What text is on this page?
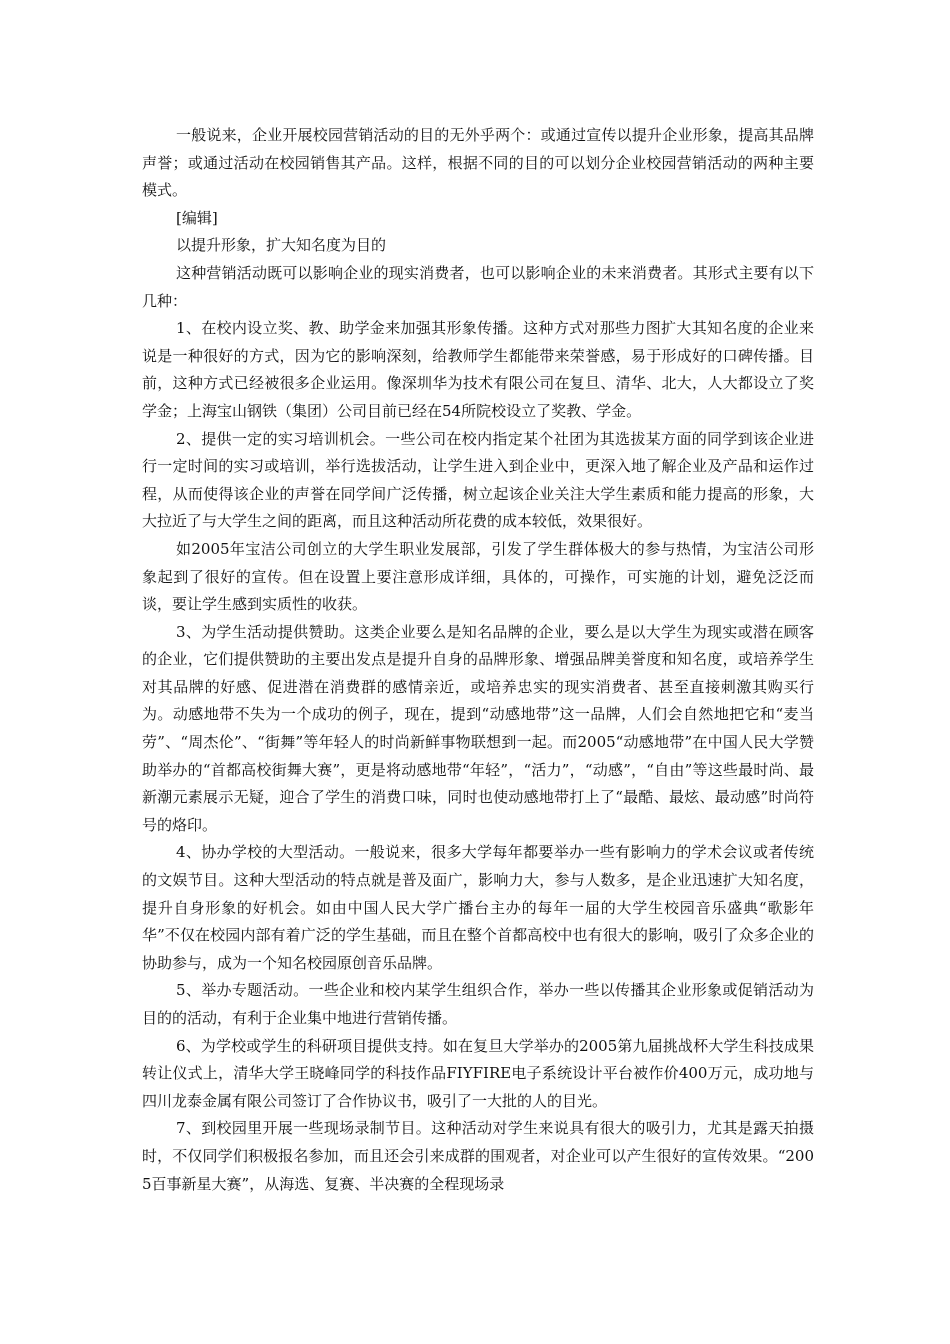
一般说来，企业开展校园营销活动的目的无外乎两个：或通过宣传以提升企业形象，提高其品牌声誉；或通过活动在校园销售其产品。这样，根据不同的目的可以划分企业校园营销活动的两种主要模式。

[编辑]

以提升形象，扩大知名度为目的

这种营销活动既可以影响企业的现实消费者，也可以影响企业的未来消费者。其形式主要有以下几种：

1、在校内设立奖、教、助学金来加强其形象传播。这种方式对那些力图扩大其知名度的企业来说是一种很好的方式，因为它的影响深刻，给教师学生都能带来荣誉感，易于形成好的口碑传播。目前，这种方式已经被很多企业运用。像深圳华为技术有限公司在复旦、清华、北大，人大都设立了奖学金；上海宝山钢铁（集团）公司目前已经在54所院校设立了奖教、学金。

2、提供一定的实习培训机会。一些公司在校内指定某个社团为其选拔某方面的同学到该企业进行一定时间的实习或培训，举行选拔活动，让学生进入到企业中，更深入地了解企业及产品和运作过程，从而使得该企业的声誉在同学间广泛传播，树立起该企业关注大学生素质和能力提高的形象，大大拉近了与大学生之间的距离，而且这种活动所花费的成本较低，效果很好。

如2005年宝洁公司创立的大学生职业发展部，引发了学生群体极大的参与热情，为宝洁公司形象起到了很好的宣传。但在设置上要注意形成详细，具体的，可操作，可实施的计划，避免泛泛而谈，要让学生感到实质性的收获。

3、为学生活动提供赞助。这类企业要么是知名品牌的企业，要么是以大学生为现实或潜在顾客的企业，它们提供赞助的主要出发点是提升自身的品牌形象、增强品牌美誉度和知名度，或培养学生对其品牌的好感、促进潜在消费群的感情亲近，或培养忠实的现实消费者、甚至直接刺激其购买行为。动感地带不失为一个成功的例子，现在，提到“动感地带”这一品牌，人们会自然地把它和“麦当劳”、“周杰伦”、“街舞”等年轻人的时尚新鲜事物联想到一起。而2005“动感地带”在中国人民大学赞助举办的“首都高校街舞大赛”，更是将动感地带“年轻”，“活力”，“动感”，“自由”等这些最时尚、最新潮元素展示无疑，迎合了学生的消费口味，同时也使动感地带打上了“最酷、最炫、最动感”时尚符号的烙印。

4、协办学校的大型活动。一般说来，很多大学每年都要举办一些有影响力的学术会议或者传统的文娱节目。这种大型活动的特点就是普及面广，影响力大，参与人数多，是企业迅速扩大知名度，提升自身形象的好机会。如由中国人民大学广播台主办的每年一届的大学生校园音乐盛典“歌影年华”不仅在校园内部有着广泛的学生基础，而且在整个首都高校中也有很大的影响，吸引了众多企业的协助参与，成为一个知名校园原创音乐品牌。

5、举办专题活动。一些企业和校内某学生组织合作，举办一些以传播其企业形象或促销活动为目的的活动，有利于企业集中地进行营销传播。

6、为学校或学生的科研项目提供支持。如在复旦大学举办的2005第九届挑战杯大学生科技成果转让仪式上，清华大学王晓峰同学的科技作品FIYFIRE电子系统设计平台被作价400万元，成功地与四川龙泰金属有限公司签订了合作协议书，吸引了一大批的人的目光。

7、到校园里开展一些现场录制节目。这种活动对学生来说具有很大的吸引力，尤其是露天拍摄时，不仅同学们积极报名参加，而且还会引来成群的围观者，对企业可以产生很好的宣传效果。“2005百事新星大赛”，从海选、复赛、半决赛的全程现场录
